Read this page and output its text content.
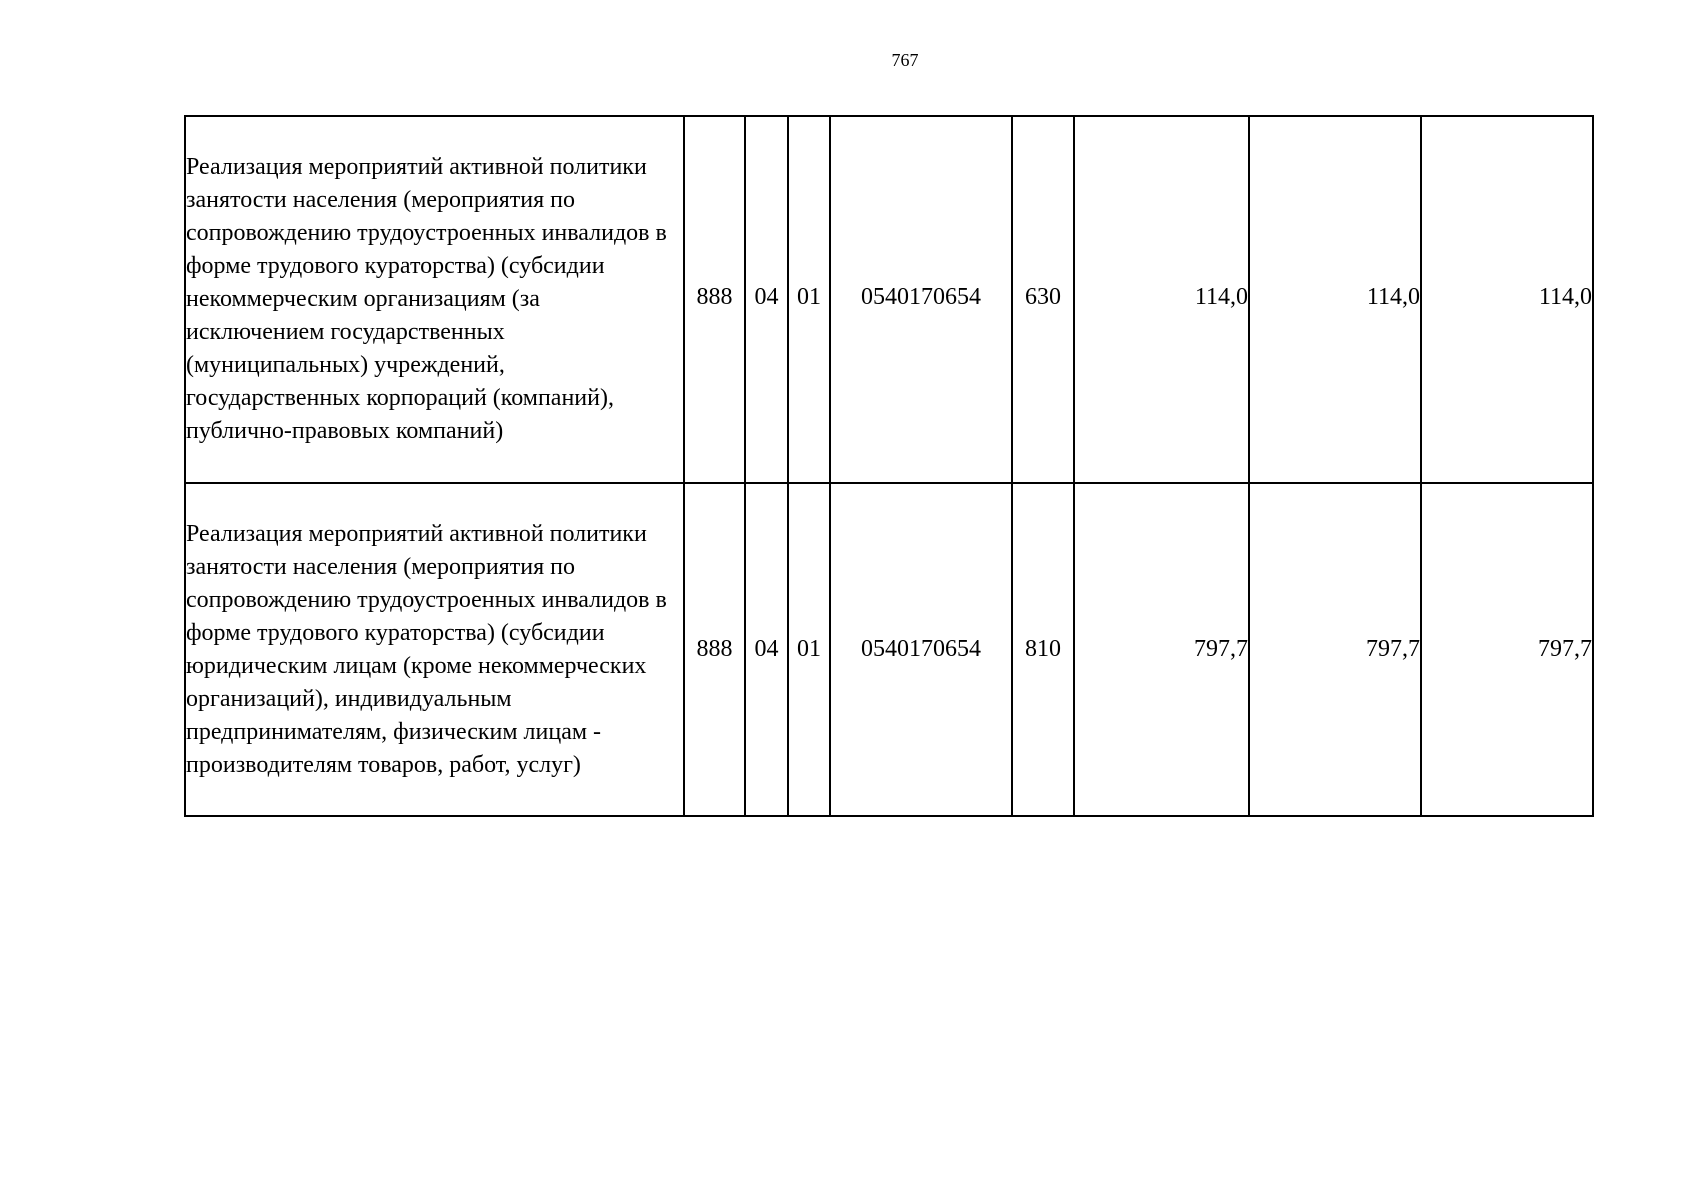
767
Реализация мероприятий активной политики занятости населения (мероприятия по сопровождению трудоустроенных инвалидов в форме трудового кураторства) (субсидии некоммерческим организациям (за исключением государственных (муниципальных) учреждений, государственных корпораций (компаний), публично-правовых компаний)	888	04	01	0540170654	630	114,0	114,0	114,0
Реализация мероприятий активной политики занятости населения (мероприятия по сопровождению трудоустроенных инвалидов в форме трудового кураторства) (субсидии юридическим лицам (кроме некоммерческих организаций), индивидуальным предпринимателям, физическим лицам - производителям товаров, работ, услуг)	888	04	01	0540170654	810	797,7	797,7	797,7
